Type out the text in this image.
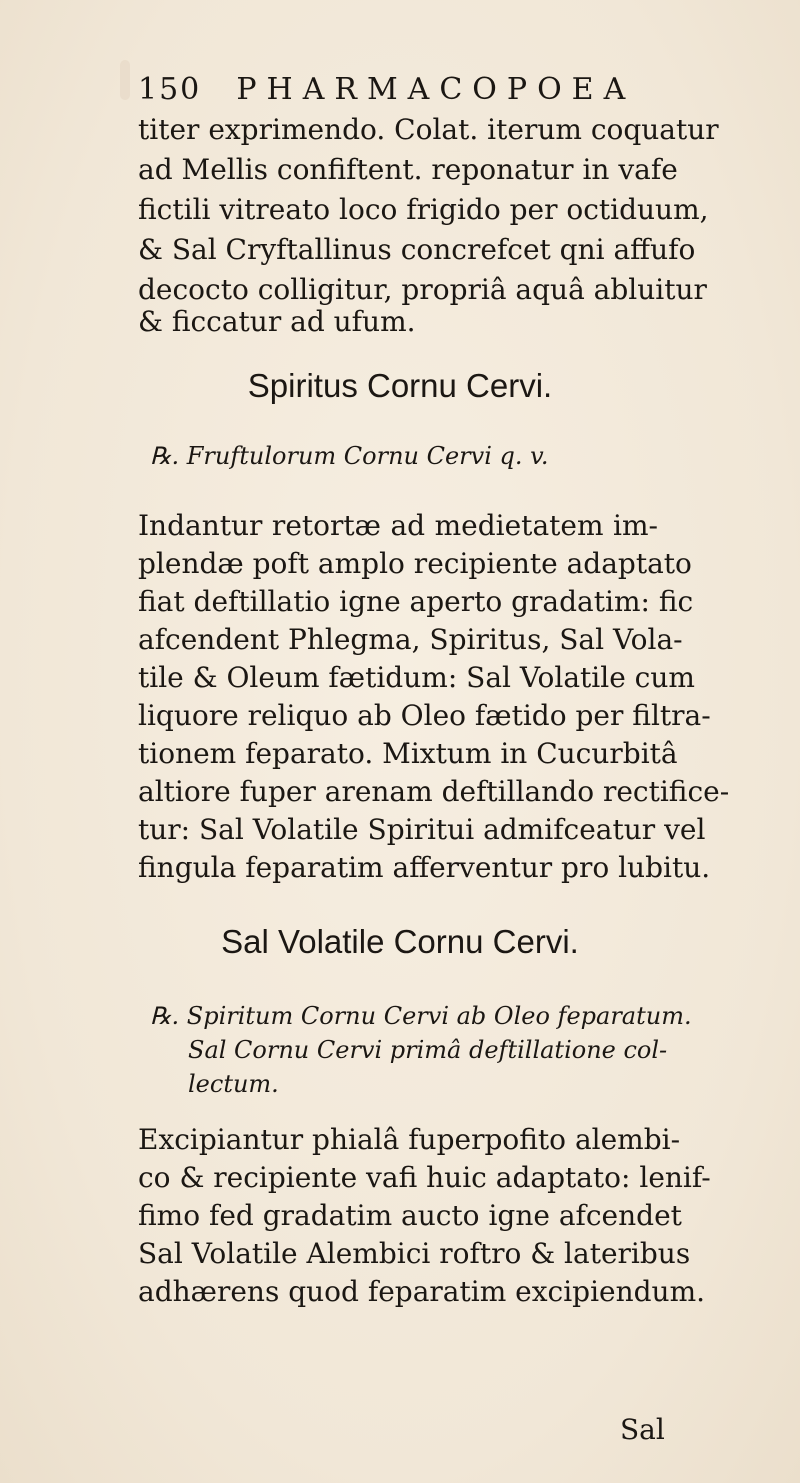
150 PHARMACOPOEA
titer exprimendo. Colat. iterum coquatur
ad Mellis confiftent. reponatur in vafe
fictili vitreato loco frigido per octiduum,
& Sal Cryftallinus concrefcet qni affufo
decocto colligitur, propriâ aquâ abluitur
& ficcatur ad ufum.
Spiritus Cornu Cervi.
℞. Fruftulorum Cornu Cervi q. v.
Indantur retortæ ad medietatem im-
plendæ poft amplo recipiente adaptato
fiat deftillatio igne aperto gradatim: fic
afcendent Phlegma, Spiritus, Sal Vola-
tile & Oleum fætidum: Sal Volatile cum
liquore reliquo ab Oleo fætido per filtra-
tionem feparato. Mixtum in Cucurbitâ
altiore fuper arenam deftillando rectifice-
tur: Sal Volatile Spiritui admifceatur vel
fingula feparatim afferventur pro lubitu.
Sal Volatile Cornu Cervi.
℞. Spiritum Cornu Cervi ab Oleo feparatum.
Sal Cornu Cervi primâ deftillatione col-
lectum.
Excipiantur phialâ fuperpofito alembi-
co & recipiente vafi huic adaptato: lenif-
fimo fed gradatim aucto igne afcendet
Sal Volatile Alembici roftro & lateribus
adhærens quod feparatim excipiendum.
Sal
